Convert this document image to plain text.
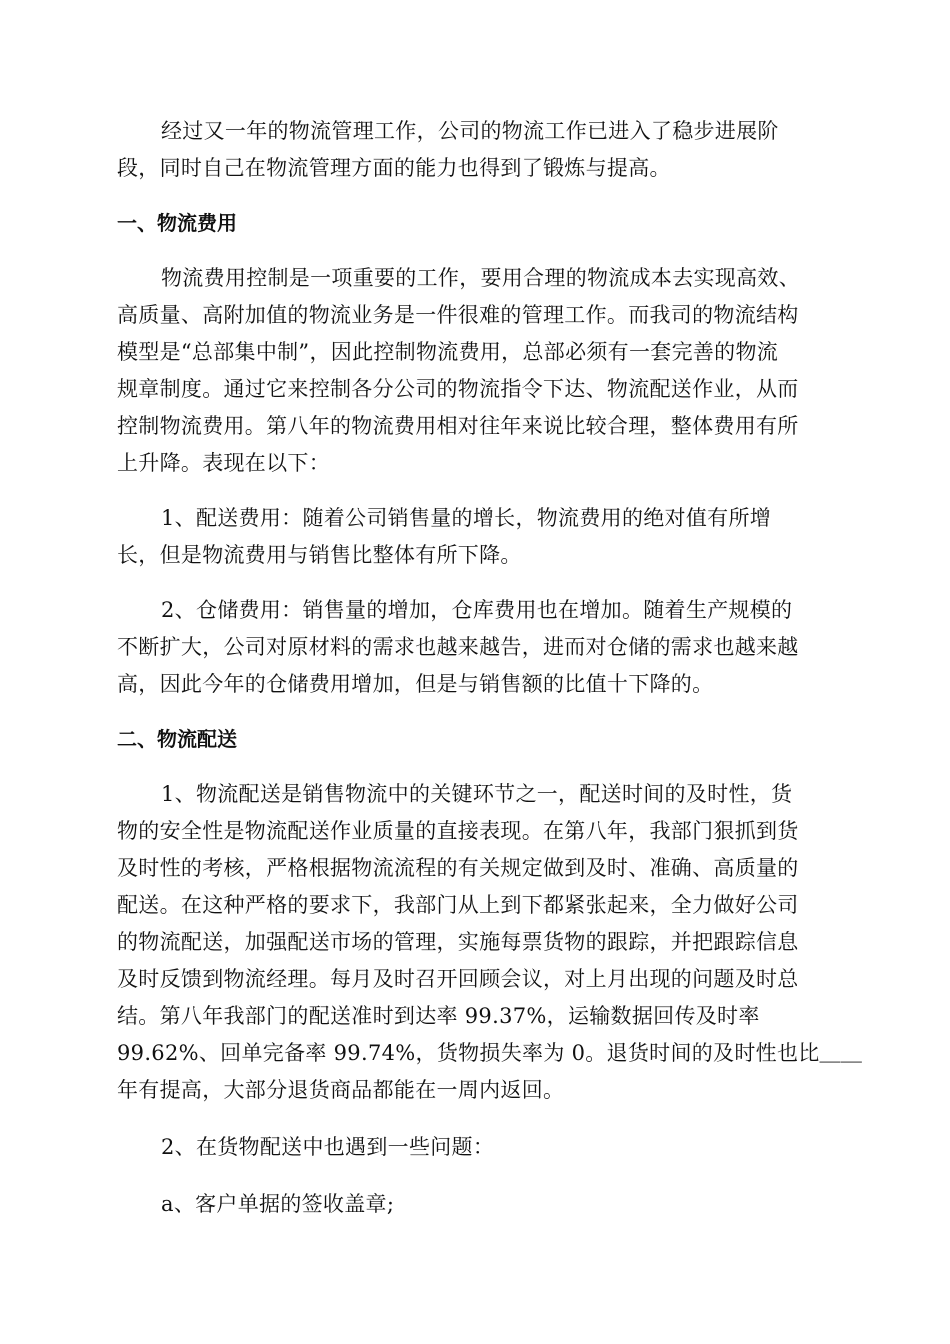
经过又一年的物流管理工作，公司的物流工作已进入了稳步进展阶
段，同时自己在物流管理方面的能力也得到了锻炼与提高。

一、物流费用

物流费用控制是一项重要的工作，要用合理的物流成本去实现高效、
高质量、高附加值的物流业务是一件很难的管理工作。而我司的物流结构
模型是“总部集中制”，因此控制物流费用，总部必须有一套完善的物流
规章制度。通过它来控制各分公司的物流指令下达、物流配送作业，从而
控制物流费用。第八年的物流费用相对往年来说比较合理，整体费用有所
上升降。表现在以下：

1、配送费用：随着公司销售量的增长，物流费用的绝对值有所增
长，但是物流费用与销售比整体有所下降。

2、仓储费用：销售量的增加，仓库费用也在增加。随着生产规模的
不断扩大，公司对原材料的需求也越来越告，进而对仓储的需求也越来越
高，因此今年的仓储费用增加，但是与销售额的比值十下降的。

二、物流配送

1、物流配送是销售物流中的关键环节之一，配送时间的及时性，货
物的安全性是物流配送作业质量的直接表现。在第八年，我部门狠抓到货
及时性的考核，严格根据物流流程的有关规定做到及时、准确、高质量的
配送。在这种严格的要求下，我部门从上到下都紧张起来，全力做好公司
的物流配送，加强配送市场的管理，实施每票货物的跟踪，并把跟踪信息
及时反馈到物流经理。每月及时召开回顾会议，对上月出现的问题及时总
结。第八年我部门的配送准时到达率 99.37%，运输数据回传及时率
99.62%、回单完备率 99.74%，货物损失率为 0。退货时间的及时性也比＿＿
年有提高，大部分退货商品都能在一周内返回。

2、在货物配送中也遇到一些问题：

a、客户单据的签收盖章;
